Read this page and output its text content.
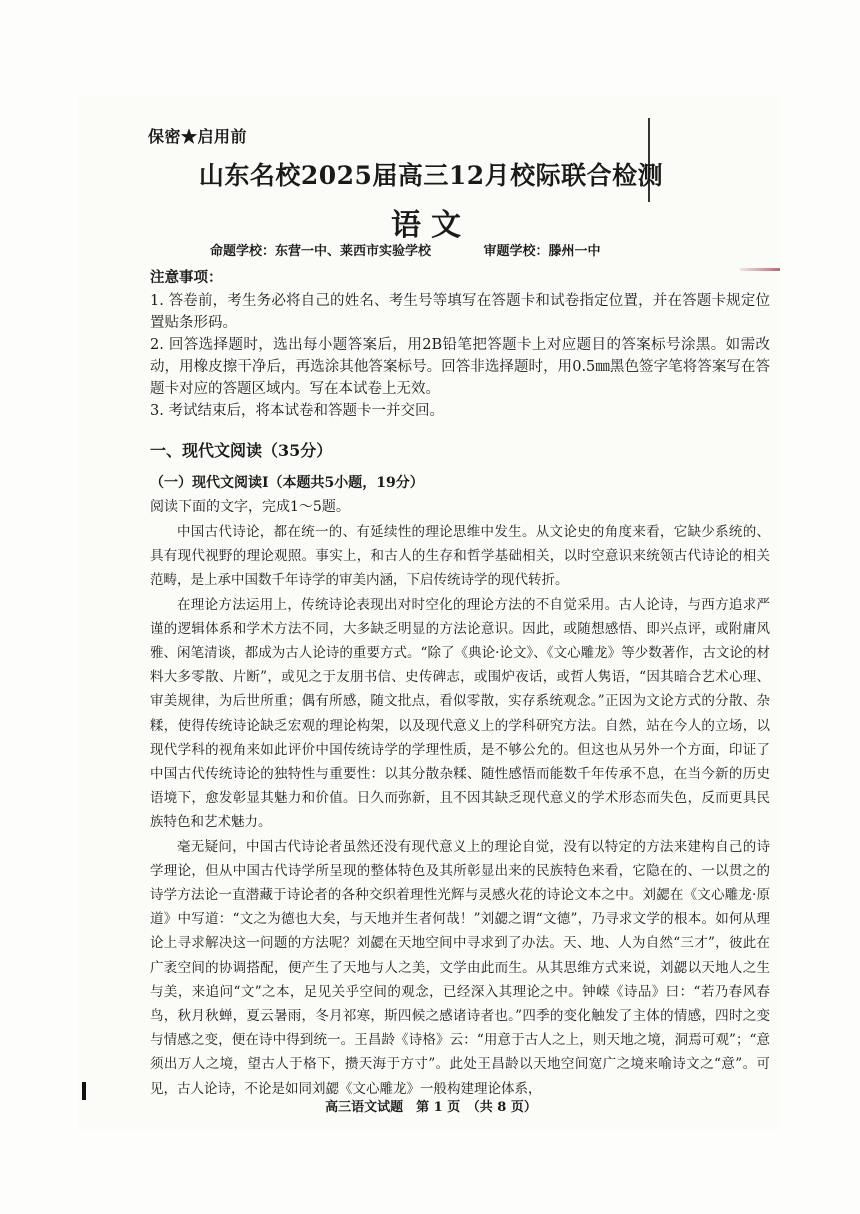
保密★启用前
山东名校2025届高三12月校际联合检测
语文
命题学校：东营一中、莱西市实验学校	审题学校：滕州一中
注意事项：

1. 答卷前，考生务必将自己的姓名、考生号等填写在答题卡和试卷指定位置，并在答题卡规定位置贴条形码。

2. 回答选择题时，选出每小题答案后，用2B铅笔把答题卡上对应题目的答案标号涂黑。如需改动，用橡皮擦干净后，再选涂其他答案标号。回答非选择题时，用0.5㎜黑色签字笔将答案写在答题卡对应的答题区域内。写在本试卷上无效。

3. 考试结束后，将本试卷和答题卡一并交回。

一、现代文阅读（35分）
（一）现代文阅读Ⅰ（本题共5小题，19分）
阅读下面的文字，完成1～5题。

中国古代诗论，都在统一的、有延续性的理论思维中发生。从文论史的角度来看，它缺少系统的、具有现代视野的理论观照。事实上，和古人的生存和哲学基础相关，以时空意识来统领古代诗论的相关范畴，是上承中国数千年诗学的审美内涵，下启传统诗学的现代转折。

在理论方法运用上，传统诗论表现出对时空化的理论方法的不自觉采用。古人论诗，与西方追求严谨的逻辑体系和学术方法不同，大多缺乏明显的方法论意识。因此，或随想感悟、即兴点评，或附庸风雅、闲笔清谈，都成为古人论诗的重要方式。“除了《典论·论文》、《文心雕龙》等少数著作，古文论的材料大多零散、片断”，或见之于友朋书信、史传碑志，或围炉夜话，或哲人隽语，“因其暗合艺术心理、审美规律，为后世所重；偶有所感，随文批点，看似零散，实存系统观念。”正因为文论方式的分散、杂糅，使得传统诗论缺乏宏观的理论构架，以及现代意义上的学科研究方法。自然，站在今人的立场，以现代学科的视角来如此评价中国传统诗学的学理性质，是不够公允的。但这也从另外一个方面，印证了中国古代传统诗论的独特性与重要性：以其分散杂糅、随性感悟而能数千年传承不息，在当今新的历史语境下，愈发彰显其魅力和价值。日久而弥新，且不因其缺乏现代意义的学术形态而失色，反而更具民族特色和艺术魅力。

毫无疑问，中国古代诗论者虽然还没有现代意义上的理论自觉，没有以特定的方法来建构自己的诗学理论，但从中国古代诗学所呈现的整体特色及其所彰显出来的民族特色来看，它隐在的、一以贯之的诗学方法论一直潜藏于诗论者的各种交织着理性光辉与灵感火花的诗论文本之中。刘勰在《文心雕龙·原道》中写道：“文之为德也大矣，与天地并生者何哉！”刘勰之谓“文德”，乃寻求文学的根本。如何从理论上寻求解决这一问题的方法呢？刘勰在天地空间中寻求到了办法。天、地、人为自然“三才”，彼此在广袤空间的协调搭配，便产生了天地与人之美，文学由此而生。从其思维方式来说，刘勰以天地人之生与美，来追问“文”之本，足见关乎空间的观念，已经深入其理论之中。钟嵘《诗品》曰：“若乃春风春鸟，秋月秋蝉，夏云暑雨，冬月祁寒，斯四候之感诸诗者也。”四季的变化触发了主体的情感，四时之变与情感之变，便在诗中得到统一。王昌龄《诗格》云：“用意于古人之上，则天地之境，洞焉可观”；“意须出万人之境，望古人于格下，攒天海于方寸”。此处王昌龄以天地空间宽广之境来喻诗文之“意”。可见，古人论诗，不论是如同刘勰《文心雕龙》一般构建理论体系，

高三语文试题　第 1 页　（共 8 页）
